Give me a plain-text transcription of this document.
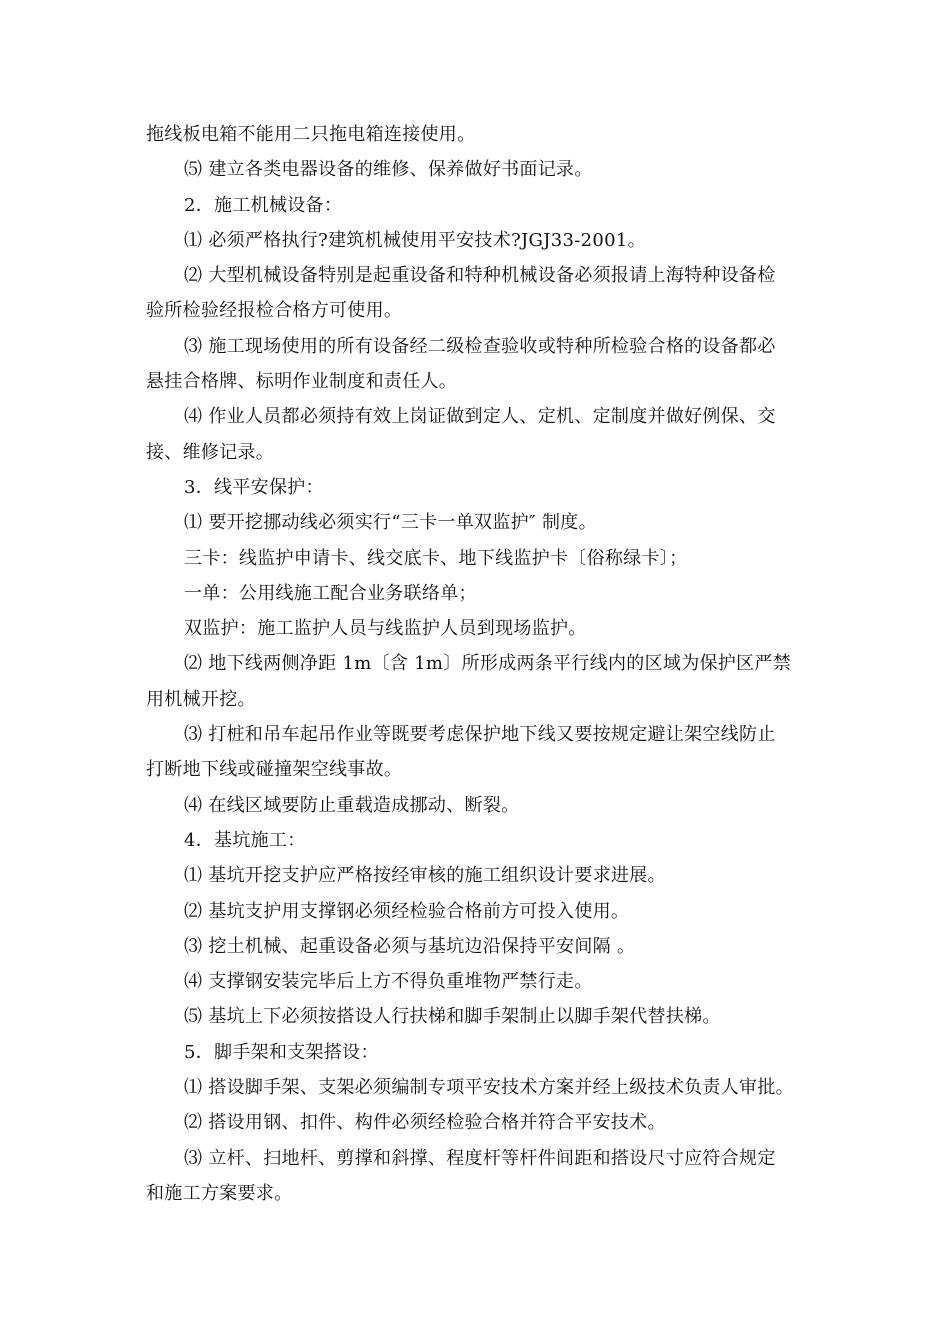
拖线板电箱不能用二只拖电箱连接使用。
⑸ 建立各类电器设备的维修、保养做好书面记录。
2．施工机械设备：
⑴ 必须严格执行?建筑机械使用平安技术?JGJ33-2001。
⑵ 大型机械设备特别是起重设备和特种机械设备必须报请上海特种设备检
验所检验经报检合格方可使用。
⑶ 施工现场使用的所有设备经二级检查验收或特种所检验合格的设备都必
悬挂合格牌、标明作业制度和责任人。
⑷ 作业人员都必须持有效上岗证做到定人、定机、定制度并做好例保、交
接、维修记录。
3．线平安保护：
⑴ 要开挖挪动线必须实行“三卡一单双监护″ 制度。
三卡：线监护申请卡、线交底卡、地下线监护卡〔俗称绿卡〕；
一单：公用线施工配合业务联络单；
双监护：施工监护人员与线监护人员到现场监护。
⑵ 地下线两侧净距 1m〔含 1m〕所形成两条平行线内的区域为保护区严禁
用机械开挖。
⑶ 打桩和吊车起吊作业等既要考虑保护地下线又要按规定避让架空线防止
打断地下线或碰撞架空线事故。
⑷ 在线区域要防止重载造成挪动、断裂。
4．基坑施工：
⑴ 基坑开挖支护应严格按经审核的施工组织设计要求进展。
⑵ 基坑支护用支撑钢必须经检验合格前方可投入使用。
⑶ 挖土机械、起重设备必须与基坑边沿保持平安间隔 。
⑷ 支撑钢安装完毕后上方不得负重堆物严禁行走。
⑸ 基坑上下必须按搭设人行扶梯和脚手架制止以脚手架代替扶梯。
5．脚手架和支架搭设：
⑴ 搭设脚手架、支架必须编制专项平安技术方案并经上级技术负责人审批。
⑵ 搭设用钢、扣件、构件必须经检验合格并符合平安技术。
⑶ 立杆、扫地杆、剪撑和斜撑、程度杆等杆件间距和搭设尺寸应符合规定
和施工方案要求。
